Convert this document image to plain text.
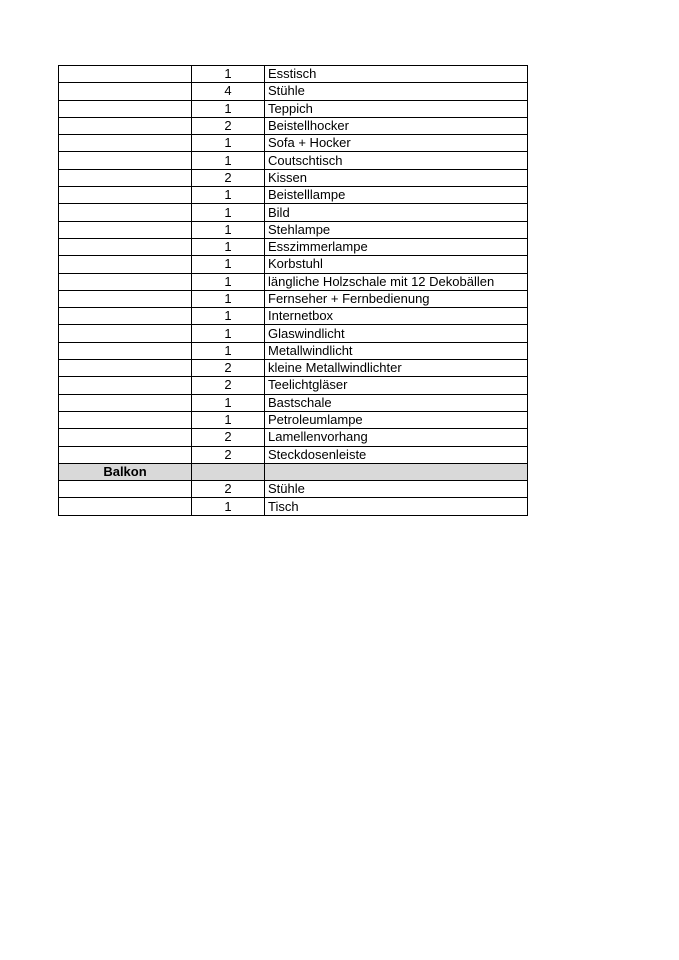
	1	Esstisch
	4	Stühle
	1	Teppich
	2	Beistellhocker
	1	Sofa + Hocker
	1	Coutschtisch
	2	Kissen
	1	Beistelllampe
	1	Bild
	1	Stehlampe
	1	Esszimmerlampe
	1	Korbstuhl
	1	längliche Holzschale mit 12 Dekobällen
	1	Fernseher + Fernbedienung
	1	Internetbox
	1	Glaswindlicht
	1	Metallwindlicht
	2	kleine Metallwindlichter
	2	Teelichtgläser
	1	Bastschale
	1	Petroleumlampe
	2	Lamellenvorhang
	2	Steckdosenleiste
Balkon		
	2	Stühle
	1	Tisch
